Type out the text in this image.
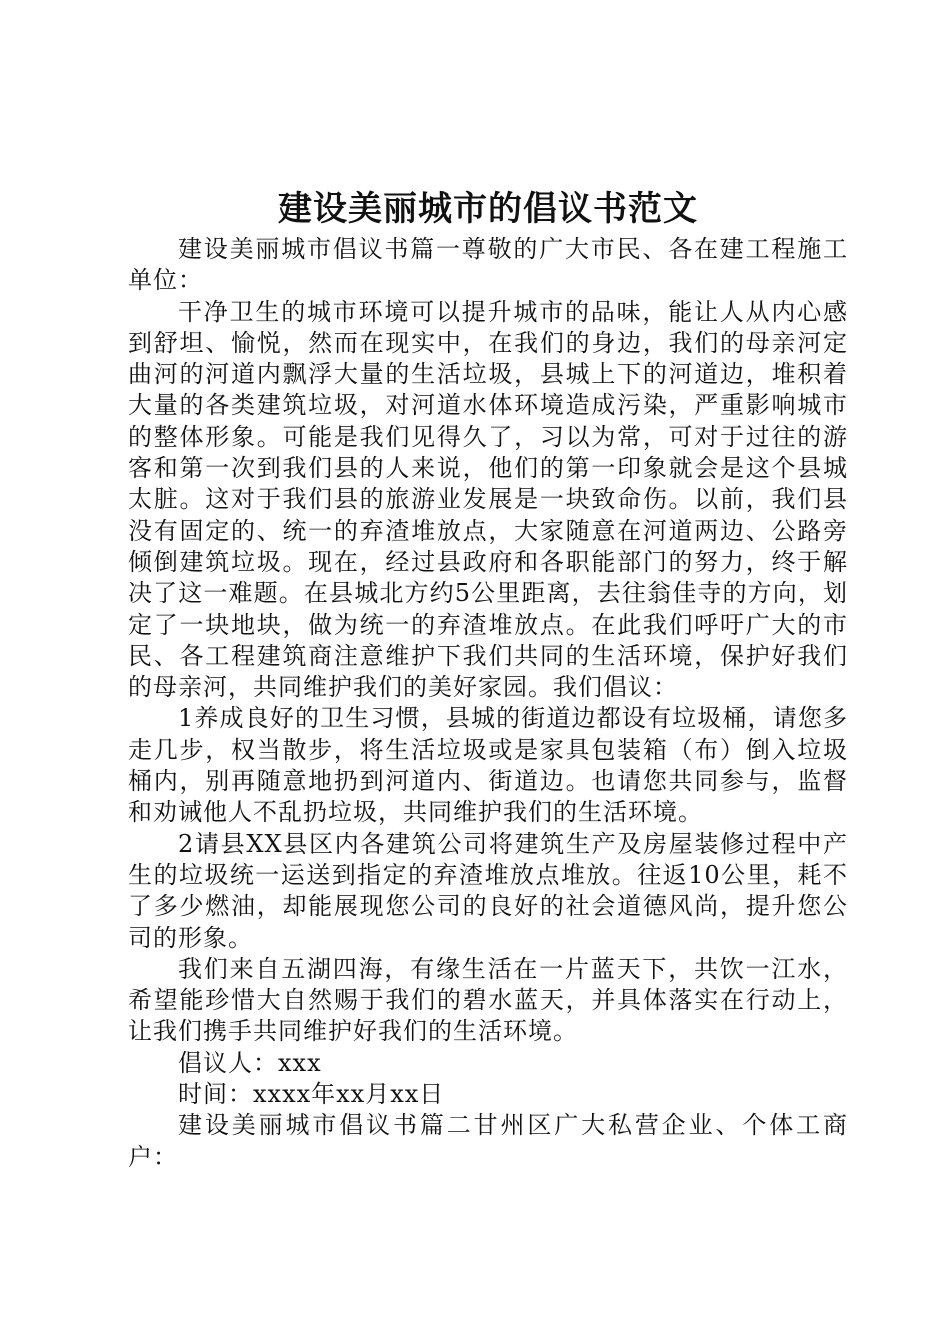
建设美丽城市的倡议书范文

建设美丽城市倡议书篇一尊敬的广大市民、各在建工程施工单位：

干净卫生的城市环境可以提升城市的品味，能让人从内心感到舒坦、愉悦，然而在现实中，在我们的身边，我们的母亲河定曲河的河道内飘浮大量的生活垃圾，县城上下的河道边，堆积着大量的各类建筑垃圾，对河道水体环境造成污染，严重影响城市的整体形象。可能是我们见得久了，习以为常，可对于过往的游客和第一次到我们县的人来说，他们的第一印象就会是这个县城太脏。这对于我们县的旅游业发展是一块致命伤。以前，我们县没有固定的、统一的弃渣堆放点，大家随意在河道两边、公路旁倾倒建筑垃圾。现在，经过县政府和各职能部门的努力，终于解决了这一难题。在县城北方约5公里距离，去往翁佳寺的方向，划定了一块地块，做为统一的弃渣堆放点。在此我们呼吁广大的市民、各工程建筑商注意维护下我们共同的生活环境，保护好我们的母亲河，共同维护我们的美好家园。我们倡议：

1养成良好的卫生习惯，县城的街道边都设有垃圾桶，请您多走几步，权当散步，将生活垃圾或是家具包装箱（布）倒入垃圾桶内，别再随意地扔到河道内、街道边。也请您共同参与，监督和劝诫他人不乱扔垃圾，共同维护我们的生活环境。

2请县XX县区内各建筑公司将建筑生产及房屋装修过程中产生的垃圾统一运送到指定的弃渣堆放点堆放。往返10公里，耗不了多少燃油，却能展现您公司的良好的社会道德风尚，提升您公司的形象。

我们来自五湖四海，有缘生活在一片蓝天下，共饮一江水，希望能珍惜大自然赐于我们的碧水蓝天，并具体落实在行动上，让我们携手共同维护好我们的生活环境。

倡议人：xxx

时间：xxxx年xx月xx日

建设美丽城市倡议书篇二甘州区广大私营企业、个体工商户：
